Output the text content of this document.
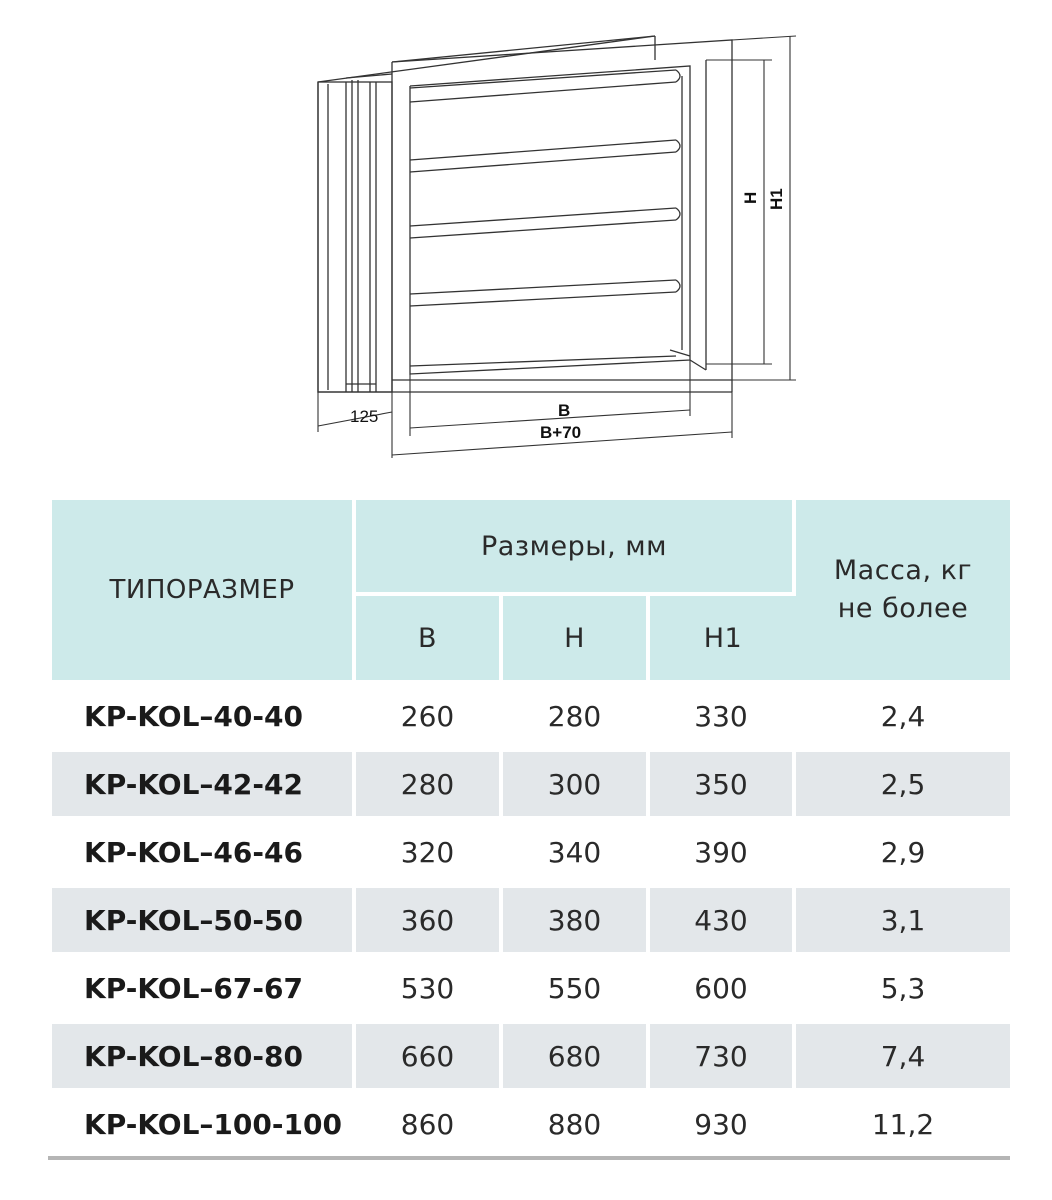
125	B
B+70
H H1
ТИПОРАЗМЕР	Размеры, мм			Масса, кг
не более
	B	H	H1	
KP-KOL–40-40	260	280	330	2,4
KP-KOL–42-42	280	300	350	2,5
KP-KOL–46-46	320	340	390	2,9
KP-KOL–50-50	360	380	430	3,1
KP-KOL–67-67	530	550	600	5,3
KP-KOL–80-80	660	680	730	7,4
KP-KOL–100-100	860	880	930	11,2
